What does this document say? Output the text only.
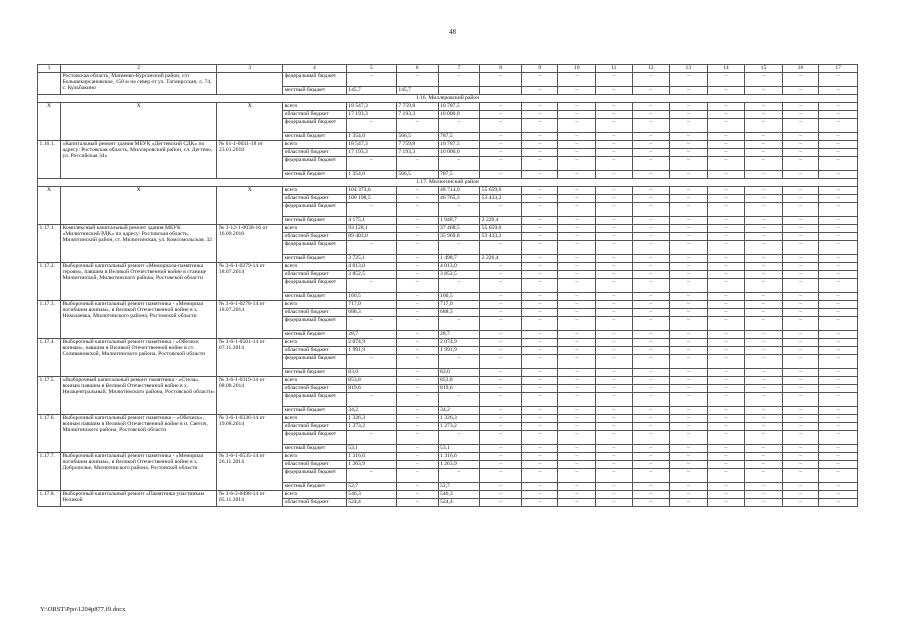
48
1	2	3	4	5	6	7	8	9	10	11	12	13	14	15	16	17
	Ростовская область, Матвеево-Курганский район, с/п Большекирсановское, 150 м на север от ул. Тагмирсская, л. 74, с. Кульбакино		федеральный бюджет	–	–	–	–	–	–	–	–	–	–	–	–	–
			местный бюджет	145,7	145,7			–	–	–	–	–	–	–	–	–
1.16. Миллеровский район																
X	X	X	всего	18 547,3	7 759,8	10 787,5	–	–	–	–	–	–	–	–	–	–
			областной бюджет	17 193,3	7 193,3	10 000,0	–	–	–	–	–	–	–	–	–	–
			федеральный бюджет	–	–	–	–	–	–	–	–	–	–	–	–	–
			местный бюджет	1 354,0	566,5	787,5	–	–	–	–	–	–	–	–	–	–
1.16.1.	«Капитальный ремонт здания МБУК «Дегтевский СДК» по адресу: Ростовская область, Миллеровский район, сл. Дегтево, ул. Российская 34»	№ 61-1-0031-18 от 23.01.2018	всего	18 547,3	7 759,8	10 787,5	–	–	–	–	–	–	–	–	–	–
			областной бюджет	17 193,3	7 193,3	10 000,0	–	–	–	–	–	–	–	–	–	–
			федеральный бюджет	–	–	–	–	–	–	–	–	–	–	–	–	–
			местный бюджет	1 354,0	566,5	787,5	–	–	–	–	–	–	–	–	–	–
1.17. Милютинский район																
X	X	X	всего	104 373,6	–	48 714,0	55 659,6	–	–	–	–	–	–	–	–	–
			областной бюджет	100 198,5	–	46 765,3	53 433,2	–	–	–	–	–	–	–	–	–
			федеральный бюджет	–	–	–	–	–	–	–	–	–	–	–	–	–
			местный бюджет	4 175,1	–	1 948,7	2 226,4	–	–	–	–	–	–	–	–	–
1.17.1.	Комплексный капитальный ремонт здания МБУК «Милютинский РДК» по адресу: Ростовская область, Милютинский район, ст. Милютинская, ул. Комсомольская, 32	№ 3-12-1-0038-16 от 16.09.2016	всего	93 128,1	–	37 468,5	55 659,6	–	–	–	–	–	–	–	–	–
			областной бюджет	89 403,0	–	35 969,8	53 433,2	–	–	–	–	–	–	–	–	–
			федеральный бюджет	–	–	–	–	–	–	–	–	–	–	–	–	–
			местный бюджет	3 725,1	–	1 498,7	2 226,4	–	–	–	–	–	–	–	–	–
1.17.2.	Выборочный капитальный ремонт «Мемориала-памятника героям», павшим в Великой Отечественной войне в станице Милютинской, Милютинского района, Ростовской области	№ 3-6-1-0279-14 от 18.07.2014	всего	4 013,0	–	4 013,0	–	–	–	–	–	–	–	–	–	–
			областной бюджет	3 852,5	–	3 852,5	–	–	–	–	–	–	–	–	–	–
			федеральный бюджет	–	–	–	–	–	–	–	–	–	–	–	–	–
			местный бюджет	160,5	–	160,5	–	–	–	–	–	–	–	–	–	–
1.17.3.	Выборочный капитальный ремонт памятника - «Мемориал погибшим воинам», в Великой Отечественной войне в х. Николаевка, Милютинского района, Ростовской области	№ 3-6-1-0278-14 от 18.07.2014	всего	717,0	–	717,0	–	–	–	–	–	–	–	–	–	–
			областной бюджет	688,3	–	688,3	–	–	–	–	–	–	–	–	–	–
			федеральный бюджет	–	–	–	–	–	–	–	–	–	–	–	–	–
			местный бюджет	28,7	–	28,7	–	–	–	–	–	–	–	–	–	–
1.17.4.	Выборочный капитальный ремонт памятника - «Обелиск воинам», павшим в Великой Отечественной войне в ст. Селивановской, Милютинского района, Ростовской области	№ 3-6-1-0501-14 от 07.11.2014	всего	2 074,9	–	2 074,9	–	–	–	–	–	–	–	–	–	–
			областной бюджет	1 991,9	–	1 991,9	–	–	–	–	–	–	–	–	–	–
			федеральный бюджет	–	–	–	–	–	–	–	–	–	–	–	–	–
			местный бюджет	83,0	–	83,0	–	–	–	–	–	–	–	–	–	–
1.17.5.	«Выборочный капитальный ремонт памятника - «Стела», воинам павшим в Великой Отечественной войне в х. Низацентральный, Милютинского района, Ростовской области»	№ 3-6-1-0319-14 от 08.08.2014	всего	853,8	–	853,8	–	–	–	–	–	–	–	–	–	–
			областной бюджет	819,6	–	819,6	–	–	–	–	–	–	–	–	–	–
			федеральный бюджет	–	–	–	–	–	–	–	–	–	–	–	–	–
			местный бюджет	34,2	–	34,2	–	–	–	–	–	–	–	–	–	–
1.17.6.	Выборочный капитальный ремонт памятника – «Обелиск», воинам павшим в Великой Отечественной войне в п. Светоч, Милютинского района, Ростовской области	№ 3-6-1-0336-14 от 19.08.2014	всего	1 326,3	–	1 326,3	–	–	–	–	–	–	–	–	–	–
			областной бюджет	1 273,2	–	1 273,2	–	–	–	–	–	–	–	–	–	–
			федеральный бюджет	–	–	–	–	–	–	–	–	–	–	–	–	–
			местный бюджет	53,1	–	53,1	–	–	–	–	–	–	–	–	–	–
1.17.7.	Выборочный капитальный ремонт памятника - «Мемориал погибшим воинам», в Великой Отечественной войне в х. Доброполье, Милютинского района, Ростовской области	№ 3-6-1-0535-14 от 26.11.2014	всего	1 316,6	–	1 316,6	–	–	–	–	–	–	–	–	–	–
			областной бюджет	1 263,9	–	1 263,9	–	–	–	–	–	–	–	–	–	–
			федеральный бюджет	–	–	–	–	–	–	–	–	–	–	–	–	–
			местный бюджет	52,7	–	52,7	–	–	–	–	–	–	–	–	–	–
1.17.8.	Выборочный капитальный ремонт «Памятника участникам Великой	№ 3-6-2-0498-14 от 05.11.2014	всего	546,3	–	546,3	–	–	–	–	–	–	–	–	–	–
			областной бюджет	524,4	–	524,4	–	–	–	–	–	–	–	–	–	–
Y:\ORST\Ppo\1204p877.f9.docx
